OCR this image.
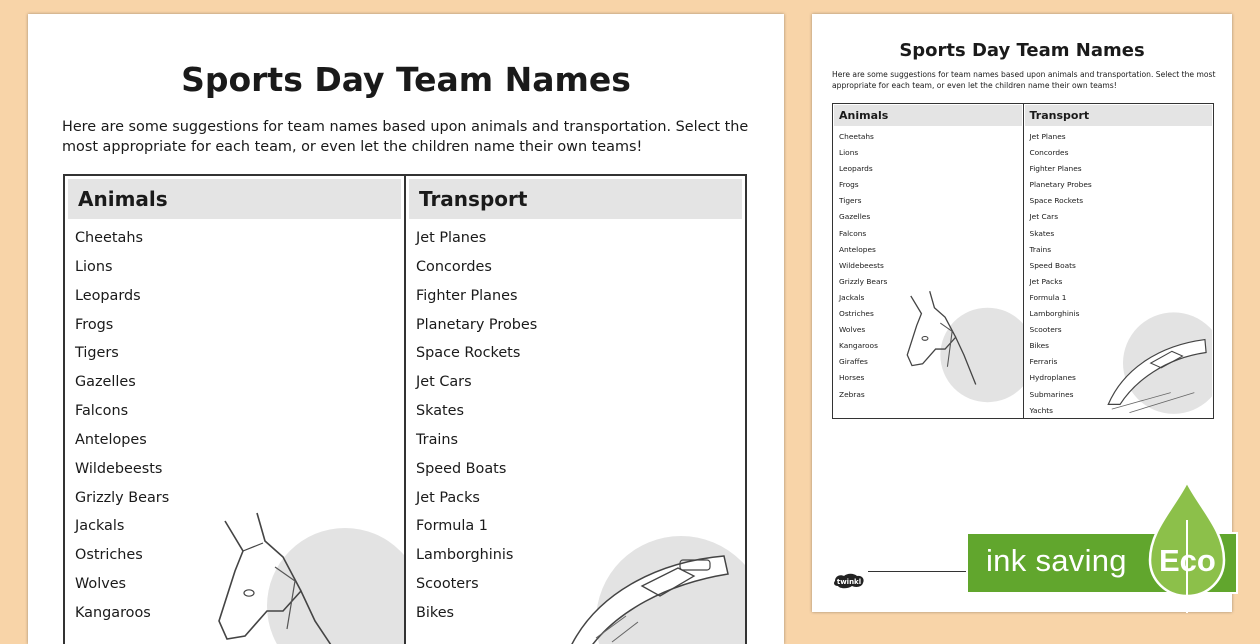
Sports Day Team Names
Here are some suggestions for team names based upon animals and transportation. Select the most appropriate for each team, or even let the children name their own teams!
Animals
Cheetahs
Lions
Leopards
Frogs
Tigers
Gazelles
Falcons
Antelopes
Wildebeests
Grizzly Bears
Jackals
Ostriches
Wolves
Kangaroos
Transport
Jet Planes
Concordes
Fighter Planes
Planetary Probes
Space Rockets
Jet Cars
Skates
Trains
Speed Boats
Jet Packs
Formula 1
Lamborghinis
Scooters
Bikes
Sports Day Team Names
Here are some suggestions for team names based upon animals and transportation. Select the most appropriate for each team, or even let the children name their own teams!
Animals
Cheetahs
Lions
Leopards
Frogs
Tigers
Gazelles
Falcons
Antelopes
Wildebeests
Grizzly Bears
Jackals
Ostriches
Wolves
Kangaroos
Giraffes
Horses
Zebras
Transport
Jet Planes
Concordes
Fighter Planes
Planetary Probes
Space Rockets
Jet Cars
Skates
Trains
Speed Boats
Jet Packs
Formula 1
Lamborghinis
Scooters
Bikes
Ferraris
Hydroplanes
Submarines
Yachts
twinkl
ink saving Eco
